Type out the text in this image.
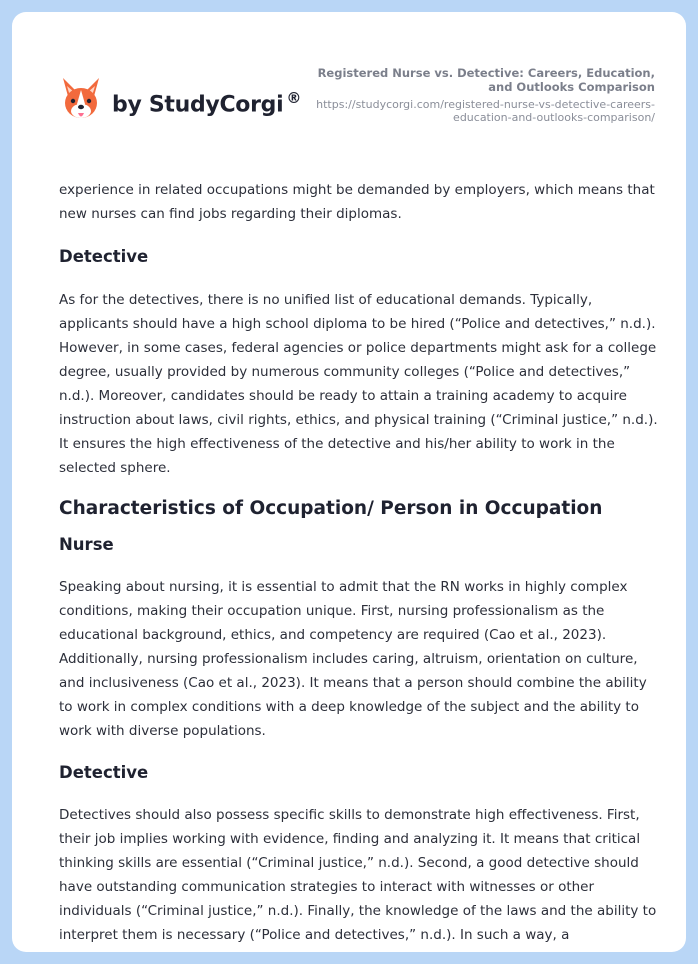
by StudyCorgi ®
Registered Nurse vs. Detective: Careers, Education, and Outlooks Comparison
https://studycorgi.com/registered-nurse-vs-detective-careers-education-and-outlooks-comparison/

experience in related occupations might be demanded by employers, which means that new nurses can find jobs regarding their diplomas.

Detective

As for the detectives, there is no unified list of educational demands. Typically, applicants should have a high school diploma to be hired (“Police and detectives,” n.d.). However, in some cases, federal agencies or police departments might ask for a college degree, usually provided by numerous community colleges (“Police and detectives,” n.d.). Moreover, candidates should be ready to attain a training academy to acquire instruction about laws, civil rights, ethics, and physical training (“Criminal justice,” n.d.). It ensures the high effectiveness of the detective and his/her ability to work in the selected sphere.

Characteristics of Occupation/ Person in Occupation
Nurse

Speaking about nursing, it is essential to admit that the RN works in highly complex conditions, making their occupation unique. First, nursing professionalism as the educational background, ethics, and competency are required (Cao et al., 2023). Additionally, nursing professionalism includes caring, altruism, orientation on culture, and inclusiveness (Cao et al., 2023). It means that a person should combine the ability to work in complex conditions with a deep knowledge of the subject and the ability to work with diverse populations.

Detective

Detectives should also possess specific skills to demonstrate high effectiveness. First, their job implies working with evidence, finding and analyzing it. It means that critical thinking skills are essential (“Criminal justice,” n.d.). Second, a good detective should have outstanding communication strategies to interact with witnesses or other individuals (“Criminal justice,” n.d.). Finally, the knowledge of the laws and the ability to interpret them is necessary (“Police and detectives,” n.d.). In such a way, a
